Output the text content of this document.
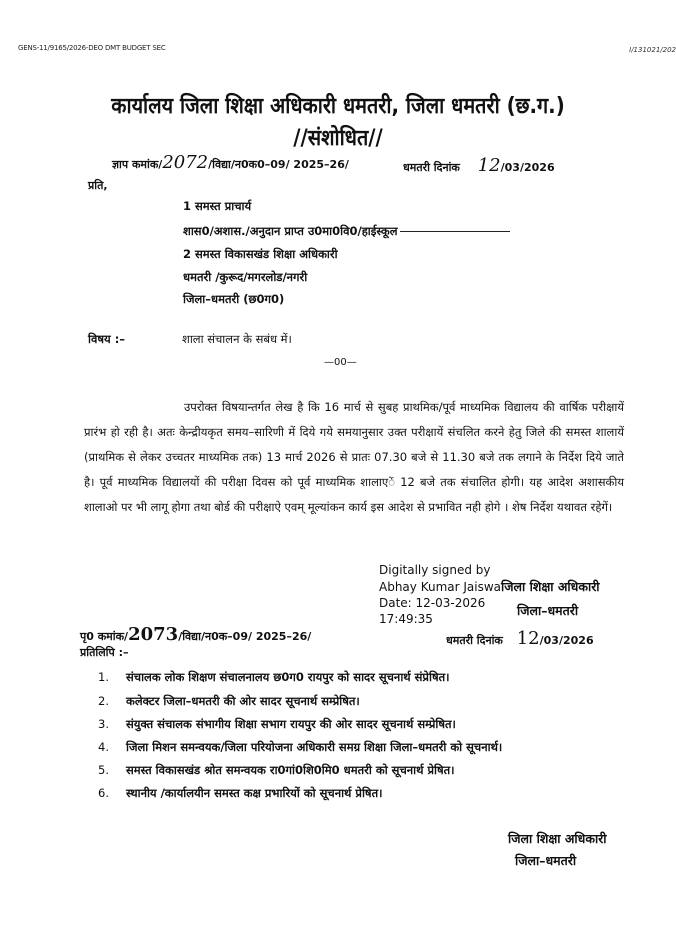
GENS-11/9165/2026-DEO DMT BUDGET SEC	I/131021/202
कार्यालय जिला शिक्षा अधिकारी धमतरी, जिला धमतरी (छ.ग.)
//संशोधित//
ज्ञाप कमांक/2072/विद्या/न0क0–09/ 2025–26/	धमतरी दिनांक 12/03/2026
प्रति,
1 समस्त प्राचार्य
शास0/अशास./अनुदान प्राप्त उ0मा0वि0/हाईस्कूल
2 समस्त विकासखंड शिक्षा अधिकारी
धमतरी /कुरूद/मगरलोड/नगरी
जिला–धमतरी (छ0ग0)
विषय :–	शाला संचालन के सबंध में।
—00—
उपरोक्त विषयान्तर्गत लेख है कि 16 मार्च से सुबह प्राथमिक/पूर्व माध्यमिक विद्यालय की वार्षिक परीक्षायें प्रारंभ हो रही है। अतः केन्द्रीयकृत समय–सारिणी में दिये गये समयानुसार उक्त परीक्षायें संचलित करने हेतु जिले की समस्त शालायें (प्राथमिक से लेकर उच्चतर माध्यमिक तक) 13 मार्च 2026 से प्रातः 07.30 बजे से 11.30 बजे तक लगाने के निर्देश दिये जाते है। पूर्व माध्यमिक विद्यालयों की परीक्षा दिवस को पूर्व माध्यमिक शालाएें 12 बजे तक संचालित होगी। यह आदेश अशासकीय शालाओ पर भी लागू होगा तथा बोर्ड की परीक्षाऐ एवम् मूल्यांकन कार्य इस आदेश से प्रभावित नही होगे । शेष निर्देश यथावत रहेगें।
Digitally signed by
Abhay Kumar Jaiswaजिला शिक्षा अधिकारी
Date: 12-03-2026	जिला–धमतरी
17:49:35
पृ0 कमांक/2073/विद्या/न0क–09/ 2025–26/	धमतरी दिनांक 12/03/2026
प्रतिलिपि :–
1. संचालक लोक शिक्षण संचालनालय छ0ग0 रायपुर को सादर सूचनार्थ संप्रेषित।
2. कलेक्टर जिला–धमतरी की ओर सादर सूचनार्थ सम्प्रेषित।
3. संयुक्त संचालक संभागीय शिक्षा सभाग रायपुर की ओर सादर सूचनार्थ सम्प्रेषित।
4. जिला मिशन समन्वयक/जिला परियोजना अधिकारी समग्र शिक्षा जिला–धमतरी को सूचनार्थ।
5. समस्त विकासखंड श्रोत समन्वयक रा0गां0शि0मि0 धमतरी को सूचनार्थ प्रेषित।
6. स्थानीय /कार्यालयीन समस्त कक्ष प्रभारियों को सूचनार्थ प्रेषित।
जिला शिक्षा अधिकारी
जिला–धमतरी
